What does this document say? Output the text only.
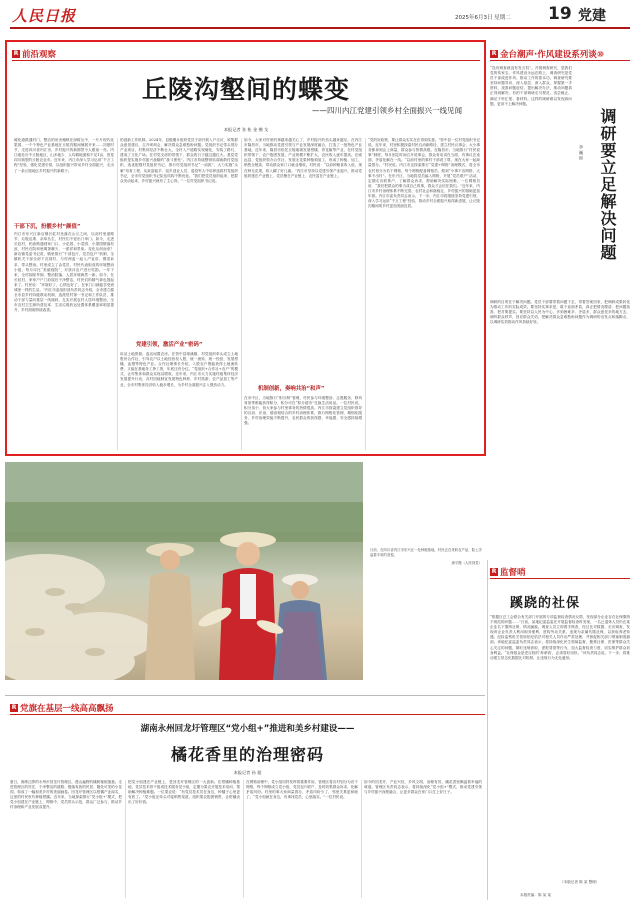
人民日报	2025年6月3日 星期二 19 党建
R 前沿观察
丘陵沟壑间的蝶变
——四川内江党建引领乡村全面振兴一线见闻
本报记者 张 枨 金 拂 戈
硬化道路通村门、整洁的房舍掩映在绿树丛中，一片片现代化果园、一个个特色产业基地在丘陵沟壑间铺展开来……初夏时节，走进四川省内江市，乡村振兴的新图景令人眼前一亮。内江地处川中丘陵地区，山多地少、人均耕地面积不足1亩，曾是四川典型的丘陵农业市。近年来，内江市深入学习运用“千万工程”经验，强化党建引领，以组织振兴带动乡村全面振兴，走出了一条丘陵地区乡村振兴的新路子。
干部下沉，扮靓乡村“颜值”
内江市东兴区新店镇长虹村坐落在山丘之间，以前村里道路窄、垃圾乱堆、杂草丛生，村民们不爱出门串门。如今，走进长虹村，柏油路通到家门口，小花园、小菜园、小果园错落有致，村民在院坝里喝茶聊天，一派祥和景象。变化从何而来？新店镇党委书记说，镇里推行“干部包片、党员包户”机制，全镇机关干部全部下沉到村，与村两委一起入户宣讲、摸清诉求、带头整治。村里成立了由党员、村民代表组成的环境整治小组，每月评比“美丽庭院”，对获评农户进行奖励。一年下来，全村拆除旱厕、整治院落，人居环境焕然一新。如今，在长虹村，家家户户门前屋后干净整洁，村民们的精气神也提起来了。村民说：“环境好了，心情也好了，在家门口就能享受到城里一样的生活。”内江市委组织部负责同志介绍，全市建立健全市县乡村四级联动机制，选派驻村第一书记和工作队员，推动干部力量向基层一线倾斜，扎实开展农村人居环境整治，全市农村卫生厕所普及率、生活垃圾收运处置体系覆盖率明显提升，乡村面貌持续改善。
的创新工作机制。2024年，县级累计组织党员干部开展入户走访，收集群众意见建议，召开坝坝会，解决群众急难愁盼问题。党组织书记带头领办产业项目，村集体经济不断壮大，全村入户道路实现硬化，安装了路灯，建成了文化广场。在村党支部的带领下，群众的日子越过越红火。基层党组织是实施乡村振兴战略的“战斗堡垒”。内江市持续整顿软弱涣散村党组织，选优配强村党组织书记，推行村党组织书记“一肩挑”，大力实施“头雁”培育工程，从致富能手、返乡创业人员、退役军人中培养选拔村党组织书记，全市村党组织书记队伍结构不断优化。“我们把党员组织起来、把群众发动起来，乡村振兴就有了主心骨。”一位村党组织书记说。
党建引领，激活产业“密码”
用活土地资源，盘活闲置农房。在资中县球溪镇，村党组织牵头成立土地股份合作社，引导农户以土地经营权入股，统一流转、统一经营，发展柑橘、血橙等特色产业。合作社理事长介绍，入股农户既能获得土地流转费，又能在基地务工挣工资，年底还有分红。“党组织+合作社+农户”的模式，让村集体和群众实现双增收。近年来，内江市大力实施村级集体经济发展提升行动，各村因地制宜发展特色种养、乡村旅游、农产品加工等产业，全市村集体经济收入稳步增长，为乡村全面振兴注入强劲动力。
如今，大家对村里的事越来越关心了，乡村振兴的劲头越来越足。在内江市隆昌市，当地推动党建引领与产业发展深度融合，打造了一批特色产业基地。近年来，隆昌市依托丘陵地貌发展柑橘、青花椒等产业，在村党组织带领下，农户抱团发展，产业规模不断扩大，农民收入逐年提高。在威远县，党组织领办合作社，发展无花果种植和加工，形成了种植、加工、销售全链条，带动群众家门口就业增收。村民说：“以前种粮食收入低，现在种无花果，收入翻了好几番。”内江市坚持以党建引领产业振兴，推动党组织建在产业链上、党员聚在产业链上、农民富在产业链上。
机制创新，奏响共治“和声”
在市中区，当地推行“积分制”管理，村民参与环境整治、志愿服务、移风易俗等都能获得积分，积分可在“积分超市”兑换生活用品。一位村民说，积分虽小，但大家参与村里事务的热情很高。内江市探索建立党组织领导的自治、法治、德治相结合的乡村治理体系，推行网格化管理、精细化服务，乡村治理效能不断提升，农民群众的获得感、幸福感、安全感持续增强。
“党的好政策，要让群众实实在在得到实惠。”资中县一位村党组织书记说。近年来，村里积极探索村民自治新路径，建立村民议事会，大小事务都拿到会上商量，群众参与热情高涨。在隆昌市，当地推行“村民说事”制度，每月固定时间召开说事会，群众有话讲在当面，有事议在桌面，矛盾化解在一线。“以前村里的事村干部说了算，现在大家一起商量着办。”村民说。内江市还探索推行“党建+网格”治理模式，将全市农村划分为若干网格，每个网格配备网格员，做到“小事不出网格、大事不出村”。在东兴区，当地将党员编入网格，开展“党员联户”活动，定期走访联系户，了解群众诉求，帮助解决实际困难。一位网格员说：“我们把群众的事当成自己的事，群众才会信任我们。”近年来，内江市乡村治理体系不断完善，农村社会和谐稳定，乡村振兴的基础更加牢固。内江市委负责同志表示，下一步，内江市将继续坚持党建引领，深入学习运用“千万工程”经验，推动乡村全面振兴取得新进展，让丘陵沟壑间的乡村更加美丽宜居。
日前，在四川省内江市东兴区一处种植基地，村民正在采收农产品，脸上洋溢着丰收的喜悦。
唐平摄（人民视觉）
R 金台潮声·作风建设系列谈⑩
“没有调查就没有发言权”。开展调查研究，是我们党的传家宝。作风建设永远在路上，调查研究是党员干部改进作风、推动工作的基本功。调查研究要坚持问题导向，深入基层、深入群众，掌握第一手资料，找准问题症结，提出解决办法，推动问题真正得到解决。有的干部调研走马观花、浅尝辄止，满足于听汇报、看材料，这样的调研难以发现真问题，更谈不上解决问题。
调研要立足解决问题
李 巍 仰
调研的目的在于解决问题。党员干部要带着问题下去，带着答案回来，把调研成果转化为推动工作的实际成效。要坚持实事求是，敢于直面矛盾，真正把情况摸清、把问题找准、把对策提实。要坚持以人民为中心，多到困难多、矛盾多、群众意见多的地方去，倾听群众呼声，回应群众关切，把解决群众急难愁盼问题作为调研的出发点和落脚点，以调研实效推动作风持续好转。
R 监督哨
蹊跷的社保
“根据区总工会联合有关部门开展的专项监督检查情况反馈，发现部分企业存在社保缴纳不规范的问题……”日前，某地纪委监委在开展监督检查时发现，一名已退休人员仍在某企业名下缴纳社保，情况蹊跷。调查人员立即着手核查，经过比对数据、走访调查，发现该企业负责人利用职务便利，虚构劳动关系，违规为亲属代缴社保，以获取养老待遇。纪检监察机关依规依纪依法对相关人员作出严肃处理，并督促相关部门堵塞制度漏洞。该地纪委监委负责同志表示，将持续深化民生领域监督，聚焦社保、医保等群众关心关注的问题，紧盯违规套取、虚报冒领等行为，加大监督检查力度，切实维护群众切身利益。“社保基金是老百姓的‘养命钱’，必须管好用好。”该负责同志说。下一步，将推动建立常态化数据比对机制，让违规行为无处遁形。
（本版记者 陈 某 整理）
R 党旗在基层一线高高飘扬
湖南永州回龙圩管理区“党小组+”推进和美乡村建设——
橘花香里的治理密码
本报记者 孙 超
夏日，湘粤边界的永州市回龙圩管理区，漫山遍野的橘树郁郁葱葱。走进管理区的村庄，干净整洁的道路、错落有致的民居、随处可见的小花园，构成了一幅和美乡村的美丽画卷。回龙圩管理区以柑橘产业闻名，这里的村民世代种植柑橘。近年来，当地探索推行“党小组+”模式，把党小组建在产业链上、网格中，党员带头示范，群众广泛参与，推动乡村治理和产业发展双提升。
把党小组建在产业链上，是回龙圩管理区的一大创新。在柑橘种植基地，党员技术骨干组成技术服务党小组，定期为果农开展技术培训，帮助解决种植难题。一位果农说：“有党员技术员在身边，种橘子心里更有底了。”党小组还牵头对接销售渠道，组织果农抱团销售，让柑橘卖出了好价钱。
在网格治理中，党小组同样发挥着重要作用。管理区将各村划分为若干网格，每个网格成立党小组，党员包片联户，及时收集群众诉求，化解矛盾纠纷。村里的事大家商量着办，矛盾纠纷少了，邻里关系更和睦了。“党小组就在身边，有事找党员，心里踏实。”一位村民说。
如今的回龙圩，产业兴旺、乡风文明、治理有效，橘花香里飘溢着幸福的味道。管理区负责同志表示，将持续深化“党小组+”模式，推动党建引领与乡村振兴深度融合，让更多群众在家门口过上好日子。
本版责编：陈 某 某
